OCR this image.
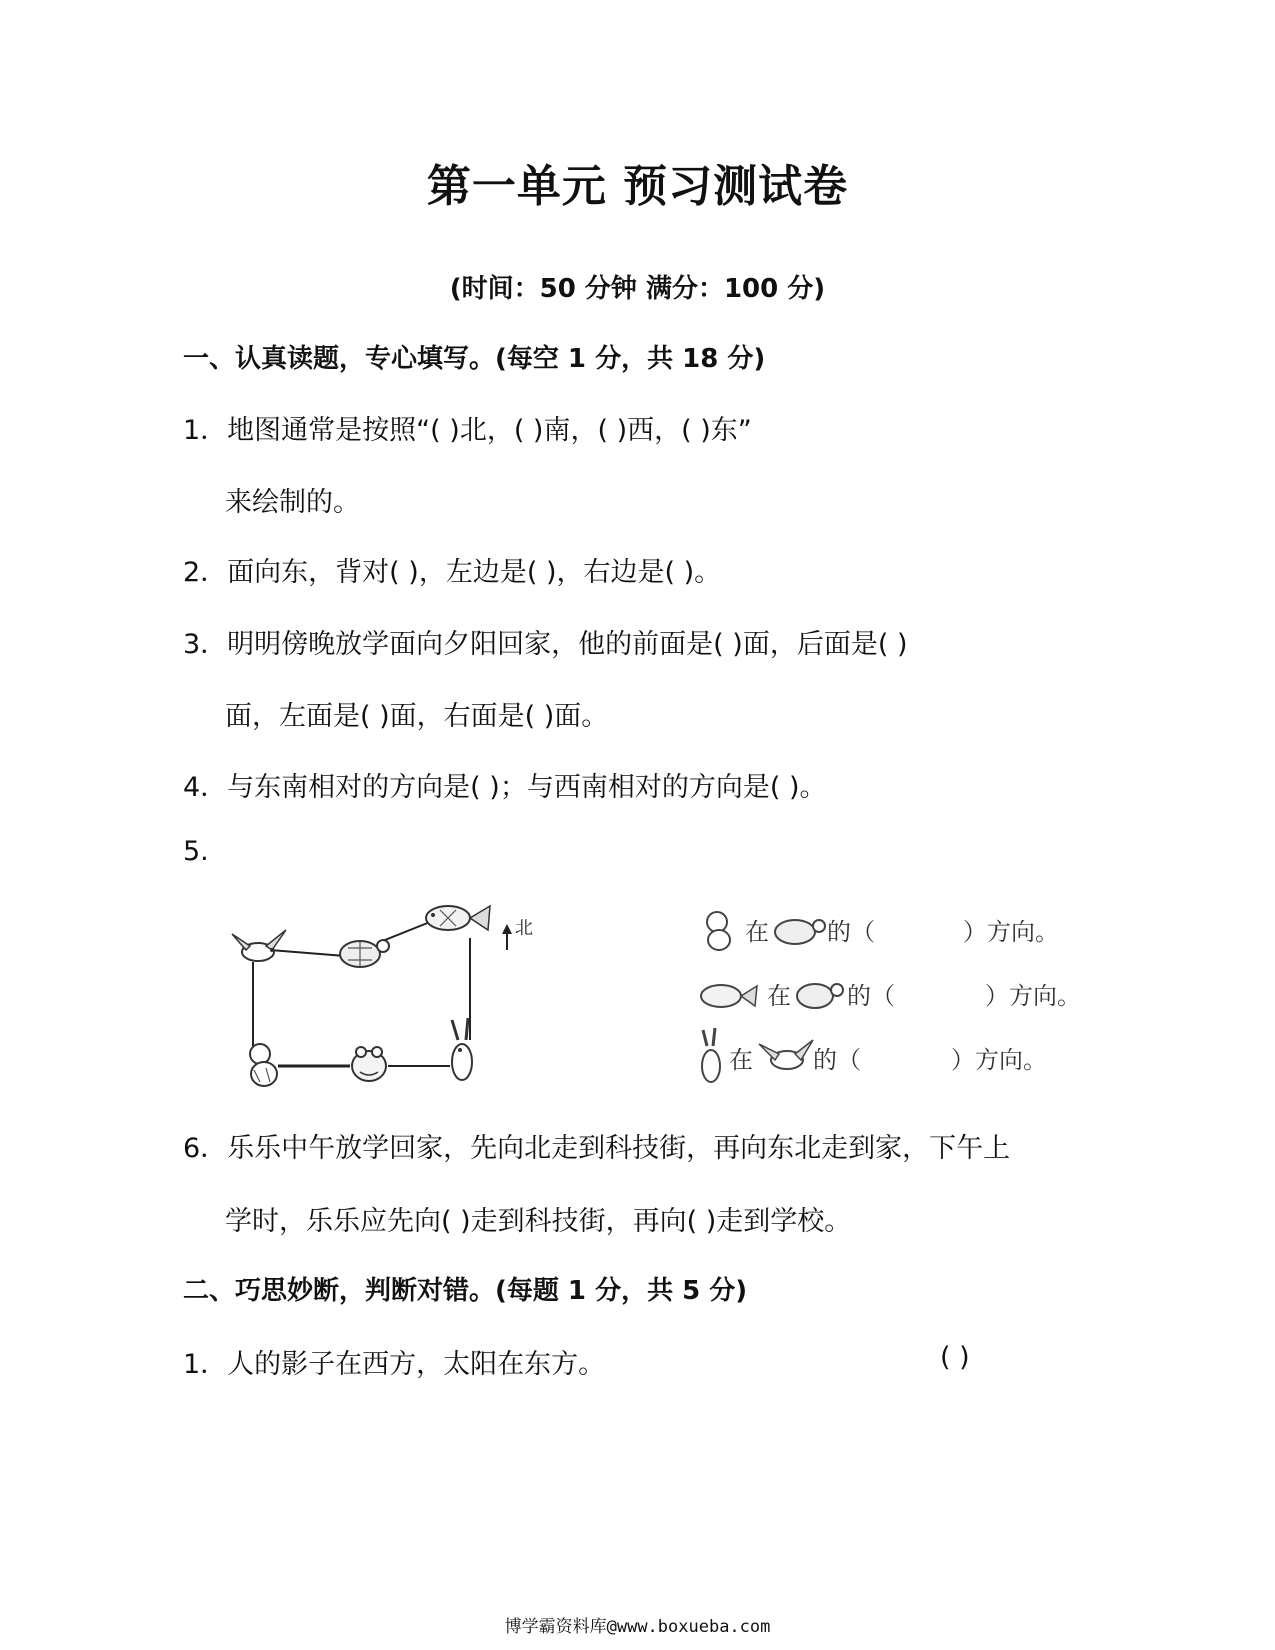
第一单元 预习测试卷
(时间：50 分钟 满分：100 分)
一、认真读题，专心填写。(每空 1 分，共 18 分)
1．地图通常是按照“( )北，( )南，( )西，( )东”
来绘制的。
2．面向东，背对( )，左边是( )，右边是( )。
3．明明傍晚放学面向夕阳回家，他的前面是( )面，后面是( )
面，左面是( )面，右面是( )面。
4．与东南相对的方向是( )；与西南相对的方向是( )。
5.
北	在 的（	）方向。
在 的（	）方向。
在	的（	）方向。
6．乐乐中午放学回家，先向北走到科技街，再向东北走到家，下午上
学时，乐乐应先向( )走到科技街，再向( )走到学校。
二、巧思妙断，判断对错。(每题 1 分，共 5 分)
1．人的影子在西方，太阳在东方。	( )
博学霸资料库@www.boxueba.com
